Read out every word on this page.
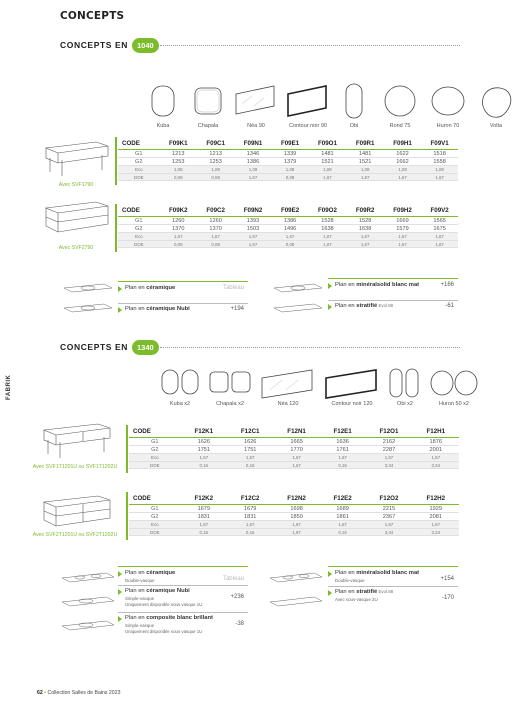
CONCEPTS
FABRIK
CONCEPTS EN	1040
Kuba	Chapala	Néa 90	Contour noir 90	Obi	Rond 75	Huron 70	Volta
Avec SVF1790
CODE	F09K1	F09C1	F09N1	F09E1	F09O1	F09R1	F09H1	F09V1
G1	1213	1213	1346	1339	1481	1481	1622	1518
G2	1253	1253	1386	1379	1521	1521	1662	1558
Eco	1,08	1,08	1,08	1,08	1,08	1,08	1,08	1,08
DOE	0,08	0,08	1,67	0,08	1,67	1,67	1,67	1,67
Avec SVF2790
CODE	F09K2	F09C2	F09N2	F09E2	F09O2	F09R2	F09H2	F09V2
G1	1260	1260	1393	1386	1528	1528	1669	1565
G2	1370	1370	1503	1496	1638	1638	1579	1675
Eco	1,67	1,67	1,67	1,67	1,67	1,67	1,67	1,67
DOE	0,08	0,08	1,67	0,08	1,67	1,67	1,67	1,67
Plan en céramique	Tableau
Plan en céramique Nubi	+194
Plan en minéralsolid blanc mat	+166
Plan en stratifié Evol.88	-61
CONCEPTS EN	1340
Kuba x2	Chapala x2	Néa 120	Contour noir 120	Obi x2	Huron 50 x2
Avec SVF1T1201U ou SVF1T1202U
CODE	F12K1	F12C1	F12N1	F12E1	F12O1	F12H1
G1	1626	1626	1665	1636	2162	1876
G2	1751	1751	1770	1761	2287	2001
Eco	1,67	1,67	1,67	1,67	1,67	1,67
DOE	0,16	0,16	1,67	0,16	3,34	3,34
Avec SVF2T1201U ou SVF2T1202U
CODE	F12K2	F12C2	F12N2	F12E2	F12O2	F12H2
G1	1679	1679	1698	1689	2215	1929
G2	1831	1831	1850	1861	2367	2081
Eco	1,67	1,67	1,67	1,67	1,67	1,67
DOE	0,16	0,16	1,67	0,16	3,34	3,34
Plan en céramique
Double-vasque	Tableau
Plan en céramique Nubi
Simple-vasque
Uniquement disponible sous vasque 1U
+236
Plan en composite blanc brillant
Simple-vasque
Uniquement disponible sous vasque 1U
-38
Plan en minéralsolid blanc mat
Double-vasque	+154
Plan en stratifié Evol.88
Avec sous-vasque 2U	-170
62 • Collection Salles de Bains 2023
